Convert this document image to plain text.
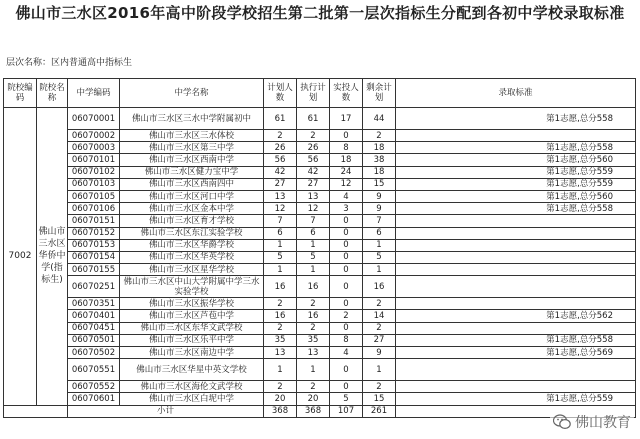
佛山市三水区2016年高中阶段学校招生第二批第一层次指标生分配到各初中学校录取标准
层次名称：区内普通高中指标生
院校编码	院校名称	中学编码	中学名称	计划人数	执行计划	实投人数	剩余计划	录取标准
7002	佛山市三水区华侨中学(指标生)	06070001	佛山市三水区三水中学附属初中	61	61	17	44	第1志愿,总分558
		06070002	佛山市三水区三水体校	2	2	0	2	
		06070003	佛山市三水区第三中学	26	26	8	18	第1志愿,总分558
		06070101	佛山市三水区西南中学	56	56	18	38	第1志愿,总分560
		06070102	佛山市三水区健力宝中学	42	42	24	18	第1志愿,总分559
		06070103	佛山市三水区西南四中	27	27	12	15	第1志愿,总分559
		06070105	佛山市三水区河口中学	13	13	4	9	第1志愿,总分560
		06070106	佛山市三水区金本中学	12	12	3	9	第1志愿,总分558
		06070151	佛山市三水区育才学校	7	7	0	7	
		06070152	佛山市三水区东江实验学校	6	6	0	6	
		06070153	佛山市三水区华爵学校	1	1	0	1	
		06070154	佛山市三水区华英学校	5	5	0	5	
		06070155	佛山市三水区星华学校	1	1	0	1	
		06070251	佛山市三水区中山大学附属中学三水实验学校	16	16	0	16	
		06070351	佛山市三水区振华学校	2	2	0	2	
		06070401	佛山市三水区芦苞中学	16	16	2	14	第1志愿,总分562
		06070451	佛山市三水区东华文武学校	2	2	0	2	
		06070501	佛山市三水区乐平中学	35	35	8	27	第1志愿,总分558
		06070502	佛山市三水区南边中学	13	13	4	9	第1志愿,总分569
		06070551	佛山市三水区华星中英文学校	1	1	0	1	
		06070552	佛山市三水区海伦文武学校	2	2	0	2	
		06070601	佛山市三水区白坭中学	20	20	5	15	第1志愿,总分559
		小计		368	368	107	261	
佛山教育
